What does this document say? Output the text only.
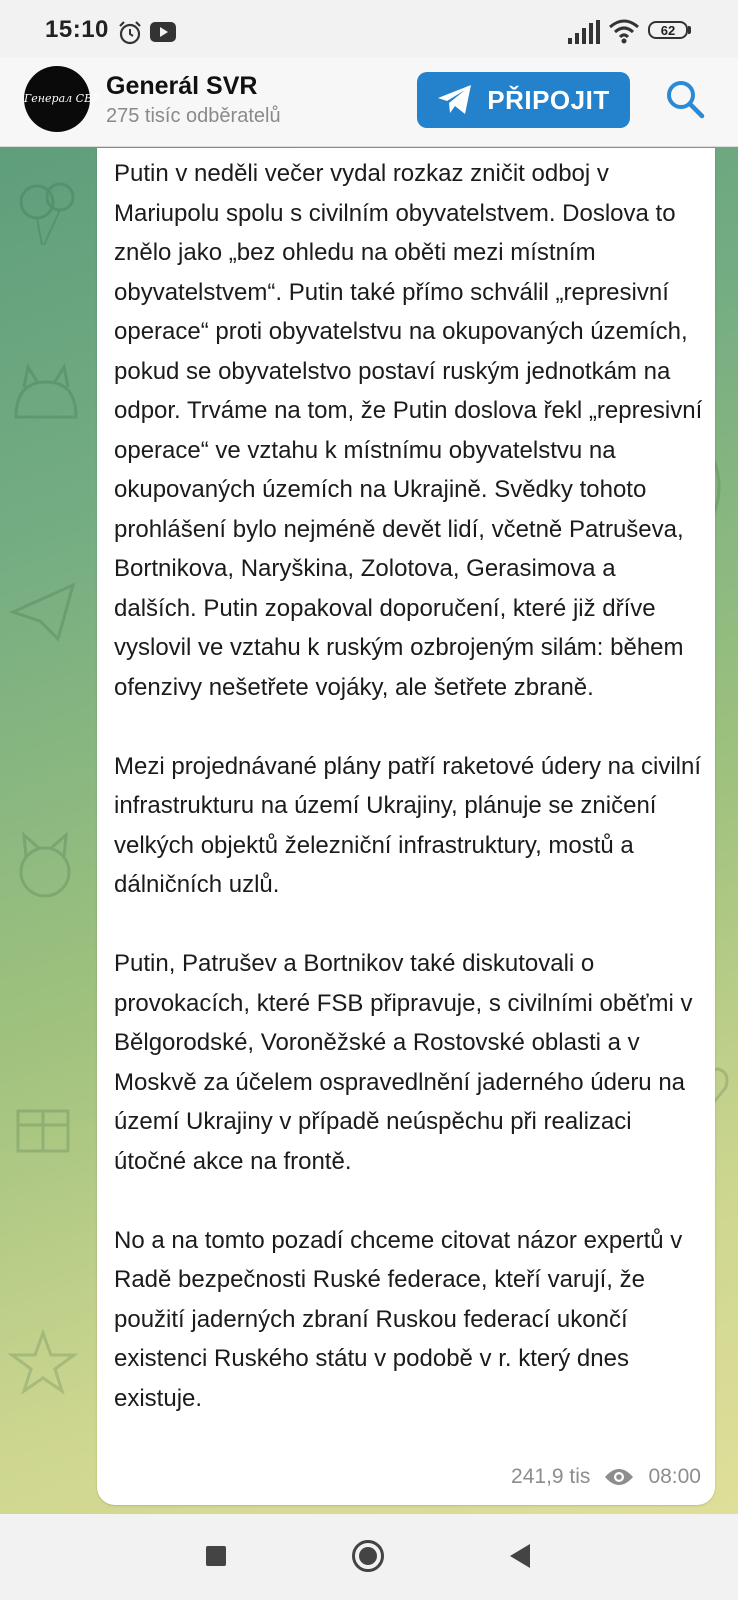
15:10	62
Генерал СВР Generál SVR
275 tisíc odběratelů
PŘIPOJIT

Putin v neděli večer vydal rozkaz zničit odboj v Mariupolu spolu s civilním obyvatelstvem. Doslova to znělo jako „bez ohledu na oběti mezi místním obyvatelstvem“. Putin také přímo schválil „represivní operace“ proti obyvatelstvu na okupovaných územích, pokud se obyvatelstvo postaví ruským jednotkám na odpor. Trváme na tom, že Putin doslova řekl „represivní operace“ ve vztahu k místnímu obyvatelstvu na okupovaných územích na Ukrajině. Svědky tohoto prohlášení bylo nejméně devět lidí, včetně Patruševa, Bortnikova, Naryškina, Zolotova, Gerasimova a dalších. Putin zopakoval doporučení, které již dříve vyslovil ve vztahu k ruským ozbrojeným silám: během ofenzivy nešetřete vojáky, ale šetřete zbraně.

Mezi projednávané plány patří raketové údery na civilní infrastrukturu na území Ukrajiny, plánuje se zničení velkých objektů železniční infrastruktury, mostů a dálničních uzlů.

Putin, Patrušev a Bortnikov také diskutovali o provokacích, které FSB připravuje, s civilními oběťmi v Bělgorodské, Voroněžské a Rostovské oblasti a v Moskvě za účelem ospravedlnění jaderného úderu na území Ukrajiny v případě neúspěchu při realizaci útočné akce na frontě.

No a na tomto pozadí chceme citovat názor expertů v Radě bezpečnosti Ruské federace, kteří varují, že použití jaderných zbraní Ruskou federací ukončí existenci Ruského státu v podobě v r. který dnes existuje.

241,9 tis	08:00
